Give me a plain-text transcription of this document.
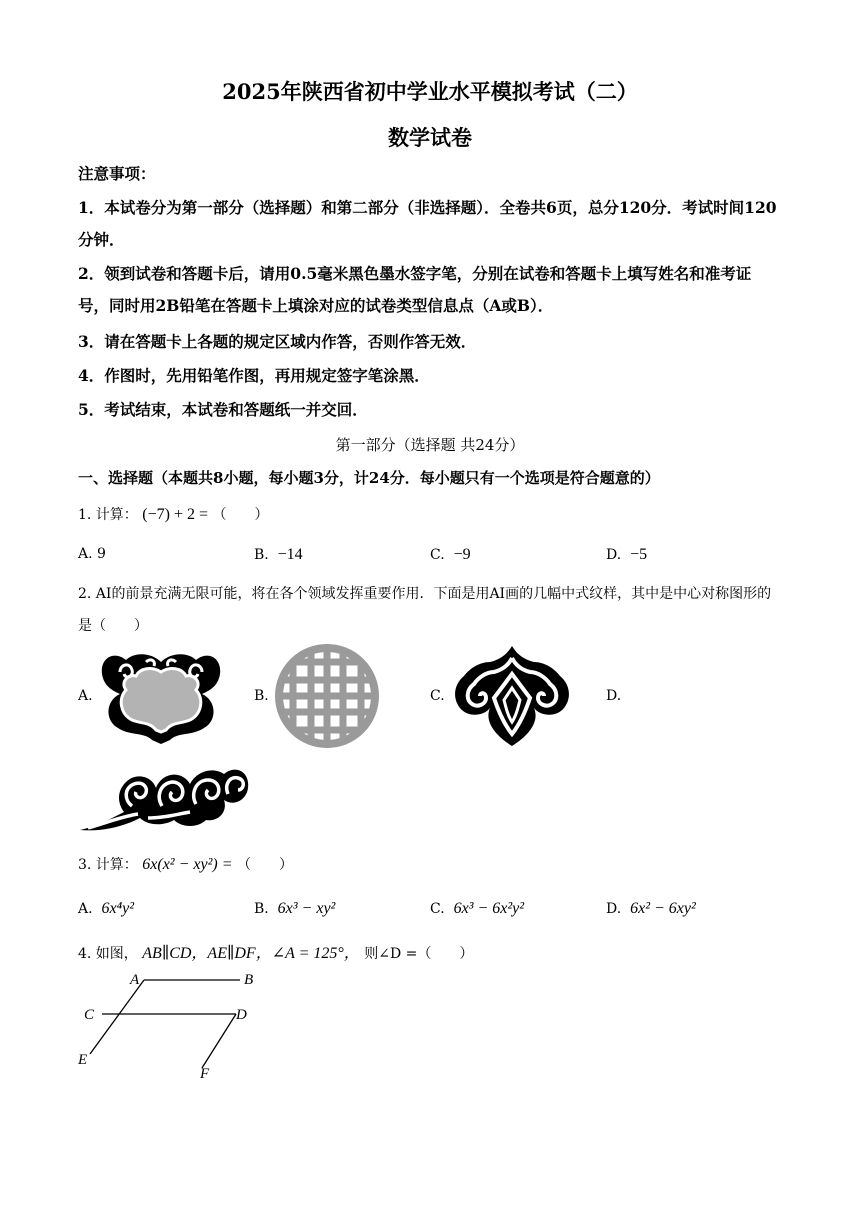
2025年陕西省初中学业水平模拟考试（二）
数学试卷
注意事项：
1．本试卷分为第一部分（选择题）和第二部分（非选择题）．全卷共6页，总分120分．考试时间120分钟．
2．领到试卷和答题卡后，请用0.5毫米黑色墨水签字笔，分别在试卷和答题卡上填写姓名和准考证号，同时用2B铅笔在答题卡上填涂对应的试卷类型信息点（A或B）．
3．请在答题卡上各题的规定区域内作答，否则作答无效．
4．作图时，先用铅笔作图，再用规定签字笔涂黑．
5．考试结束，本试卷和答题纸一并交回．
第一部分（选择题 共24分）
一、选择题（本题共8小题，每小题3分，计24分．每小题只有一个选项是符合题意的）
1. 计算： (−7) + 2 = （　　）
A. 9	B. −14	C. −9	D. −5
2. AI的前景充满无限可能，将在各个领域发挥重要作用．下面是用AI画的几幅中式纹样，其中是中心对称图形的是（　　）
A.	B.	C.	D.
3. 计算： 6x(x² − xy²) = （　　）
A. 6x⁴y²	B. 6x³ − xy²	C. 6x³ − 6x²y²	D. 6x² − 6xy²
4. 如图， AB∥CD，AE∥DF，∠A = 125°， 则∠D =（　　）
A	B
C	D
E
F
